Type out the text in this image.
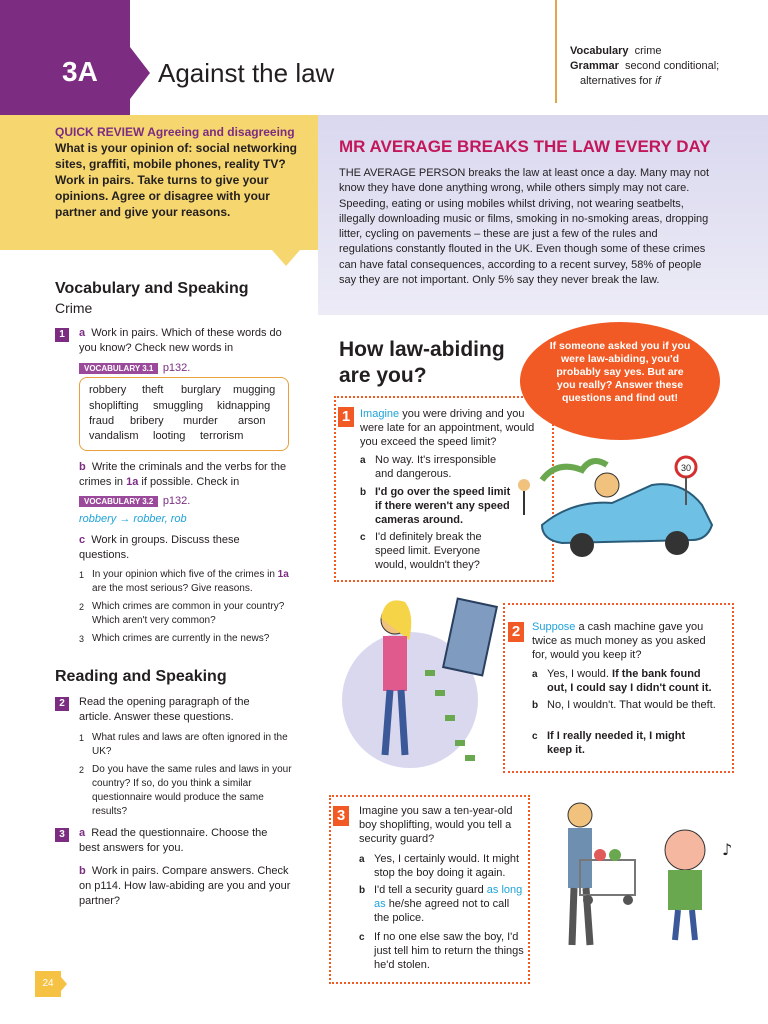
3A Against the law
Vocabulary crime
Grammar second conditional;
alternatives for if
QUICK REVIEW Agreeing and disagreeing What is your opinion of: social networking sites, graffiti, mobile phones, reality TV? Work in pairs. Take turns to give your opinions. Agree or disagree with your partner and give your reasons.
Vocabulary and Speaking
Crime
1	a Work in pairs. Which of these words do you know? Check new words in
VOCABULARY 3.1 p132.
robbery theft burglary mugging
shoplifting smuggling kidnapping
fraud bribery murder arson
vandalism looting terrorism
b Write the criminals and the verbs for the crimes in 1a if possible. Check in
VOCABULARY 3.2 p132.
robbery → robber, rob
c Work in groups. Discuss these questions.
1 In your opinion which five of the crimes in 1a are the most serious? Give reasons.
2 Which crimes are common in your country? Which aren't very common?
3 Which crimes are currently in the news?
Reading and Speaking
2	Read the opening paragraph of the article. Answer these questions.
1 What rules and laws are often ignored in the UK?
2 Do you have the same rules and laws in your country? If so, do you think a similar questionnaire would produce the same results?
3	a Read the questionnaire. Choose the best answers for you.
b Work in pairs. Compare answers. Check on p114. How law-abiding are you and your partner?
24
MR AVERAGE BREAKS THE LAW EVERY DAY
THE AVERAGE PERSON breaks the law at least once a day. Many may not know they have done anything wrong, while others simply may not care. Speeding, eating or using mobiles whilst driving, not wearing seatbelts, illegally downloading music or films, smoking in no-smoking areas, dropping litter, cycling on pavements – these are just a few of the rules and regulations constantly flouted in the UK. Even though some of these crimes can have fatal consequences, according to a recent survey, 58% of people say they are not important. Only 5% say they never break the law.
How law-abiding are you?
If someone asked you if you were law-abiding, you'd probably say yes. But are you really? Answer these questions and find out!
1 Imagine you were driving and you were late for an appointment, would you exceed the speed limit?
a No way. It's irresponsible and dangerous.
b I'd go over the speed limit if there weren't any speed cameras around.
c I'd definitely break the speed limit. Everyone would, wouldn't they?
30
2	Suppose a cash machine gave you twice as much money as you asked for, would you keep it?
a Yes, I would. If the bank found out, I could say I didn't count it.
b No, I wouldn't. That would be theft.
c If I really needed it, I might keep it.
3	Imagine you saw a ten-year-old boy shoplifting, would you tell a security guard?
a Yes, I certainly would. It might stop the boy doing it again.
b I'd tell a security guard as long as he/she agreed not to call the police.
c If no one else saw the boy, I'd just tell him to return the things he'd stolen.
♪
